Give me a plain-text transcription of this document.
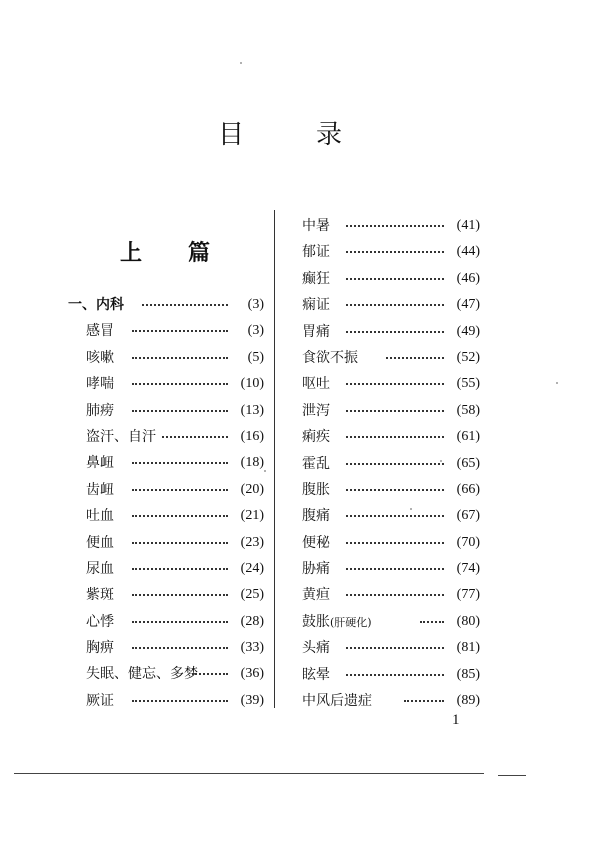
目	录
上 篇
一、内科	(3)
感冒	(3)
咳嗽	(5)
哮喘	(10)
肺痨	(13)
盗汗、自汗	(16)
鼻衄	(18)
齿衄	(20)
吐血	(21)
便血	(23)
尿血	(24)
紫斑	(25)
心悸	(28)
胸痹	(33)
失眠、健忘、多梦	(36)
厥证	(39)
中暑	(41)
郁证	(44)
癫狂	(46)
痫证	(47)
胃痛	(49)
食欲不振	(52)
呕吐	(55)
泄泻	(58)
痢疾	(61)
霍乱	(65)
腹胀	(66)
腹痛	(67)
便秘	(70)
胁痛	(74)
黄疸	(77)
鼓胀(肝硬化)	(80)
头痛	(81)
眩晕	(85)
中风后遗症	(89)
1
